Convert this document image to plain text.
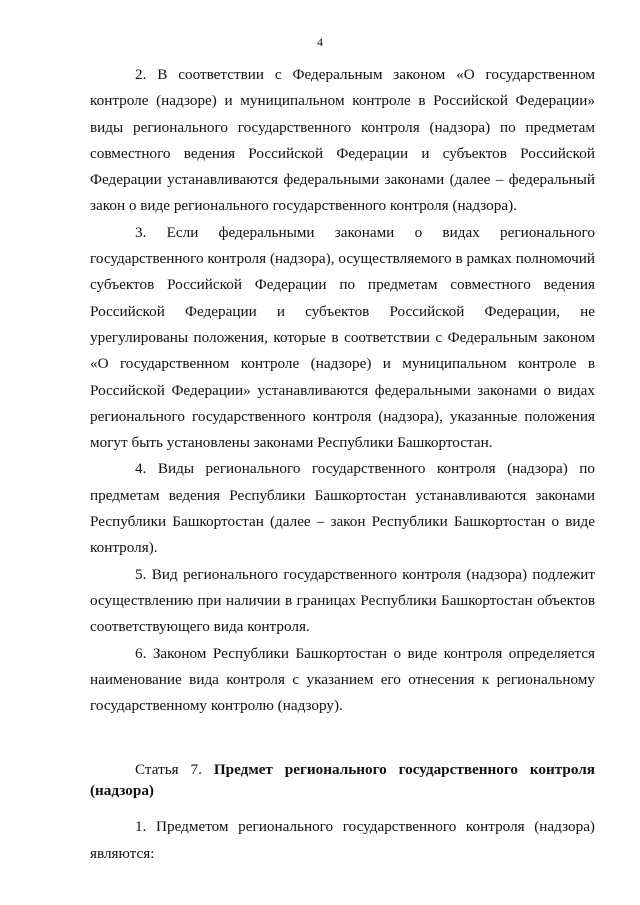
4

2. В соответствии с Федеральным законом «О государственном контроле (надзоре) и муниципальном контроле в Российской Федерации» виды регионального государственного контроля (надзора) по предметам совместного ведения Российской Федерации и субъектов Российской Федерации устанавливаются федеральными законами (далее – федеральный закон о виде регионального государственного контроля (надзора).

3. Если федеральными законами о видах регионального государственного контроля (надзора), осуществляемого в рамках полномочий субъектов Российской Федерации по предметам совместного ведения Российской Федерации и субъектов Российской Федерации, не урегулированы положения, которые в соответствии с Федеральным законом «О государственном контроле (надзоре) и муниципальном контроле в Российской Федерации» устанавливаются федеральными законами о видах регионального государственного контроля (надзора), указанные положения могут быть установлены законами Республики Башкортостан.

4. Виды регионального государственного контроля (надзора) по предметам ведения Республики Башкортостан устанавливаются законами Республики Башкортостан (далее – закон Республики Башкортостан о виде контроля).

5. Вид регионального государственного контроля (надзора) подлежит осуществлению при наличии в границах Республики Башкортостан объектов соответствующего вида контроля.

6. Законом Республики Башкортостан о виде контроля определяется наименование вида контроля с указанием его отнесения к региональному государственному контролю (надзору).

Статья 7. Предмет регионального государственного контроля (надзора)

1. Предметом регионального государственного контроля (надзора) являются:
